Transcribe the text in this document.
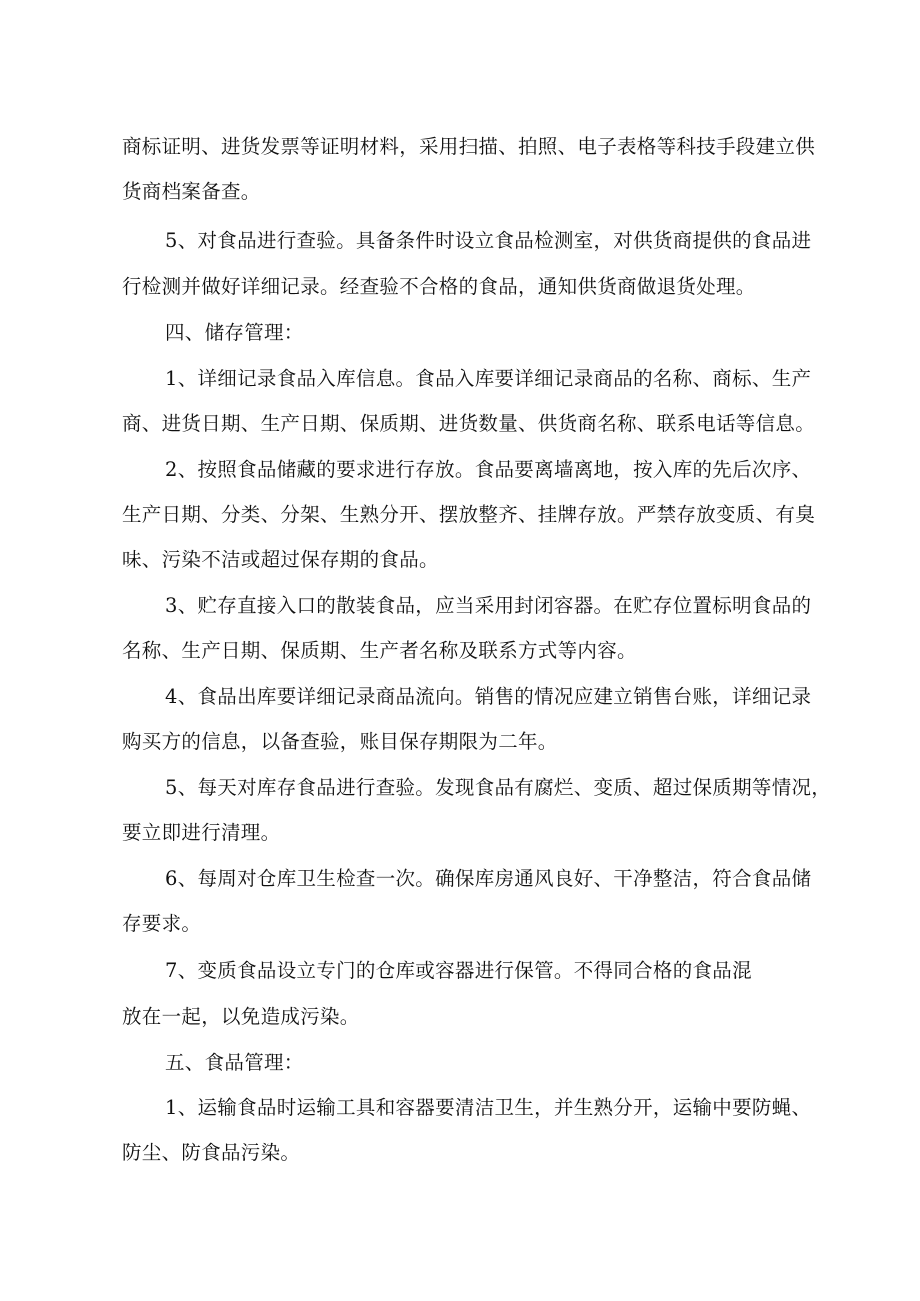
商标证明、进货发票等证明材料，采用扫描、拍照、电子表格等科技手段建立供
货商档案备查。
5、对食品进行查验。具备条件时设立食品检测室，对供货商提供的食品进
行检测并做好详细记录。经查验不合格的食品，通知供货商做退货处理。
四、储存管理：
1、详细记录食品入库信息。食品入库要详细记录商品的名称、商标、生产
商、进货日期、生产日期、保质期、进货数量、供货商名称、联系电话等信息。
2、按照食品储藏的要求进行存放。食品要离墙离地，按入库的先后次序、
生产日期、分类、分架、生熟分开、摆放整齐、挂牌存放。严禁存放变质、有臭
味、污染不洁或超过保存期的食品。
3、贮存直接入口的散装食品，应当采用封闭容器。在贮存位置标明食品的
名称、生产日期、保质期、生产者名称及联系方式等内容。
4、食品出库要详细记录商品流向。销售的情况应建立销售台账，详细记录
购买方的信息，以备查验，账目保存期限为二年。
5、每天对库存食品进行查验。发现食品有腐烂、变质、超过保质期等情况，
要立即进行清理。
6、每周对仓库卫生检查一次。确保库房通风良好、干净整洁，符合食品储
存要求。
7、变质食品设立专门的仓库或容器进行保管。不得同合格的食品混
放在一起，以免造成污染。
五、食品管理：
1、运输食品时运输工具和容器要清洁卫生，并生熟分开，运输中要防蝇、
防尘、防食品污染。
